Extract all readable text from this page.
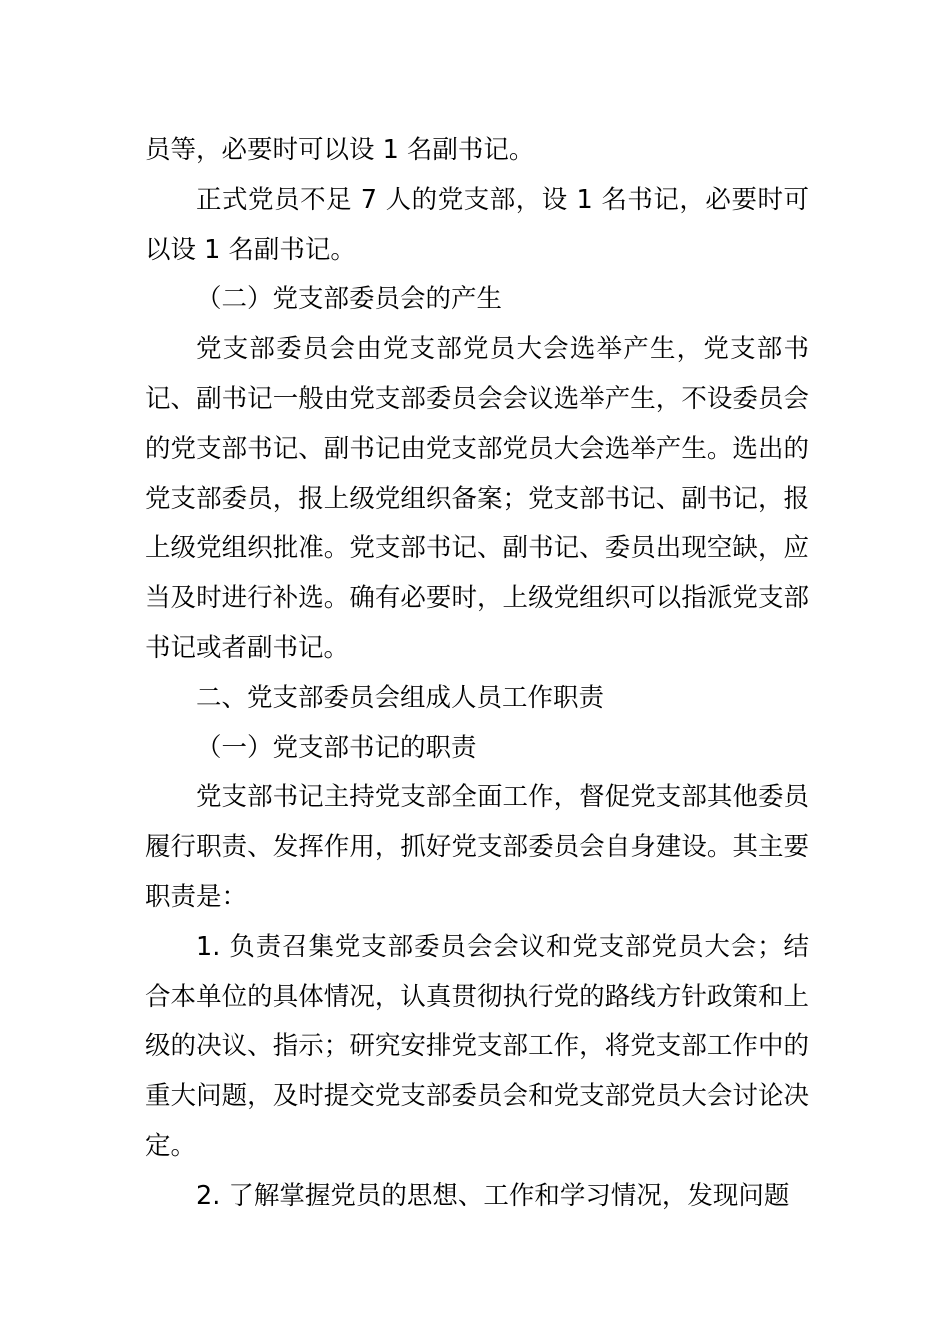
员等，必要时可以设 1 名副书记。

正式党员不足 7 人的党支部，设 1 名书记，必要时可以设 1 名副书记。

（二）党支部委员会的产生

党支部委员会由党支部党员大会选举产生，党支部书记、副书记一般由党支部委员会会议选举产生，不设委员会的党支部书记、副书记由党支部党员大会选举产生。选出的党支部委员，报上级党组织备案；党支部书记、副书记，报上级党组织批准。党支部书记、副书记、委员出现空缺，应当及时进行补选。确有必要时，上级党组织可以指派党支部书记或者副书记。

二、党支部委员会组成人员工作职责

（一）党支部书记的职责

党支部书记主持党支部全面工作，督促党支部其他委员履行职责、发挥作用，抓好党支部委员会自身建设。其主要职责是：

1. 负责召集党支部委员会会议和党支部党员大会；结合本单位的具体情况，认真贯彻执行党的路线方针政策和上级的决议、指示；研究安排党支部工作，将党支部工作中的重大问题，及时提交党支部委员会和党支部党员大会讨论决定。

2. 了解掌握党员的思想、工作和学习情况，发现问题
